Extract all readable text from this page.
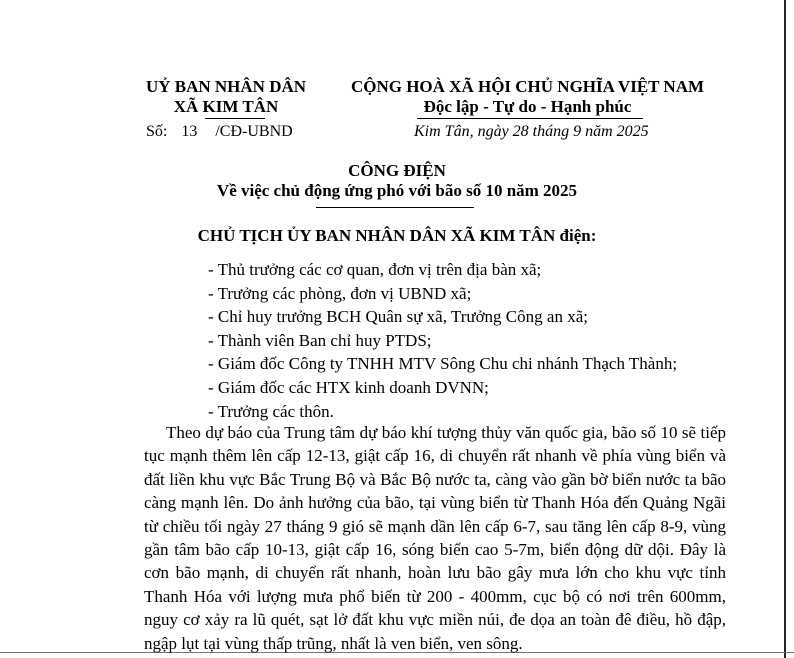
UỶ BAN NHÂN DÂN
XÃ KIM TÂN
CỘNG HOÀ XÃ HỘI CHỦ NGHĨA VIỆT NAM
Độc lập - Tự do - Hạnh phúc
Số: 13 /CĐ-UBND	Kim Tân, ngày 28 tháng 9 năm 2025
CÔNG ĐIỆN
Về việc chủ động ứng phó với bão số 10 năm 2025
CHỦ TỊCH ỦY BAN NHÂN DÂN XÃ KIM TÂN điện:
- Thủ trưởng các cơ quan, đơn vị trên địa bàn xã;
- Trưởng các phòng, đơn vị UBND xã;
- Chỉ huy trưởng BCH Quân sự xã, Trưởng Công an xã;
- Thành viên Ban chỉ huy PTDS;
- Giám đốc Công ty TNHH MTV Sông Chu chi nhánh Thạch Thành;
- Giám đốc các HTX kinh doanh DVNN;
- Trưởng các thôn.

Theo dự báo của Trung tâm dự báo khí tượng thủy văn quốc gia, bão số 10 sẽ tiếp tục mạnh thêm lên cấp 12-13, giật cấp 16, di chuyển rất nhanh về phía vùng biển và đất liền khu vực Bắc Trung Bộ và Bắc Bộ nước ta, càng vào gần bờ biển nước ta bão càng mạnh lên. Do ảnh hưởng của bão, tại vùng biển từ Thanh Hóa đến Quảng Ngãi từ chiều tối ngày 27 tháng 9 gió sẽ mạnh dần lên cấp 6-7, sau tăng lên cấp 8-9, vùng gần tâm bão cấp 10-13, giật cấp 16, sóng biển cao 5-7m, biển động dữ dội. Đây là cơn bão mạnh, di chuyển rất nhanh, hoàn lưu bão gây mưa lớn cho khu vực tỉnh Thanh Hóa với lượng mưa phổ biến từ 200 - 400mm, cục bộ có nơi trên 600mm, nguy cơ xảy ra lũ quét, sạt lở đất khu vực miền núi, đe dọa an toàn đê điều, hồ đập, ngập lụt tại vùng thấp trũng, nhất là ven biển, ven sông.
